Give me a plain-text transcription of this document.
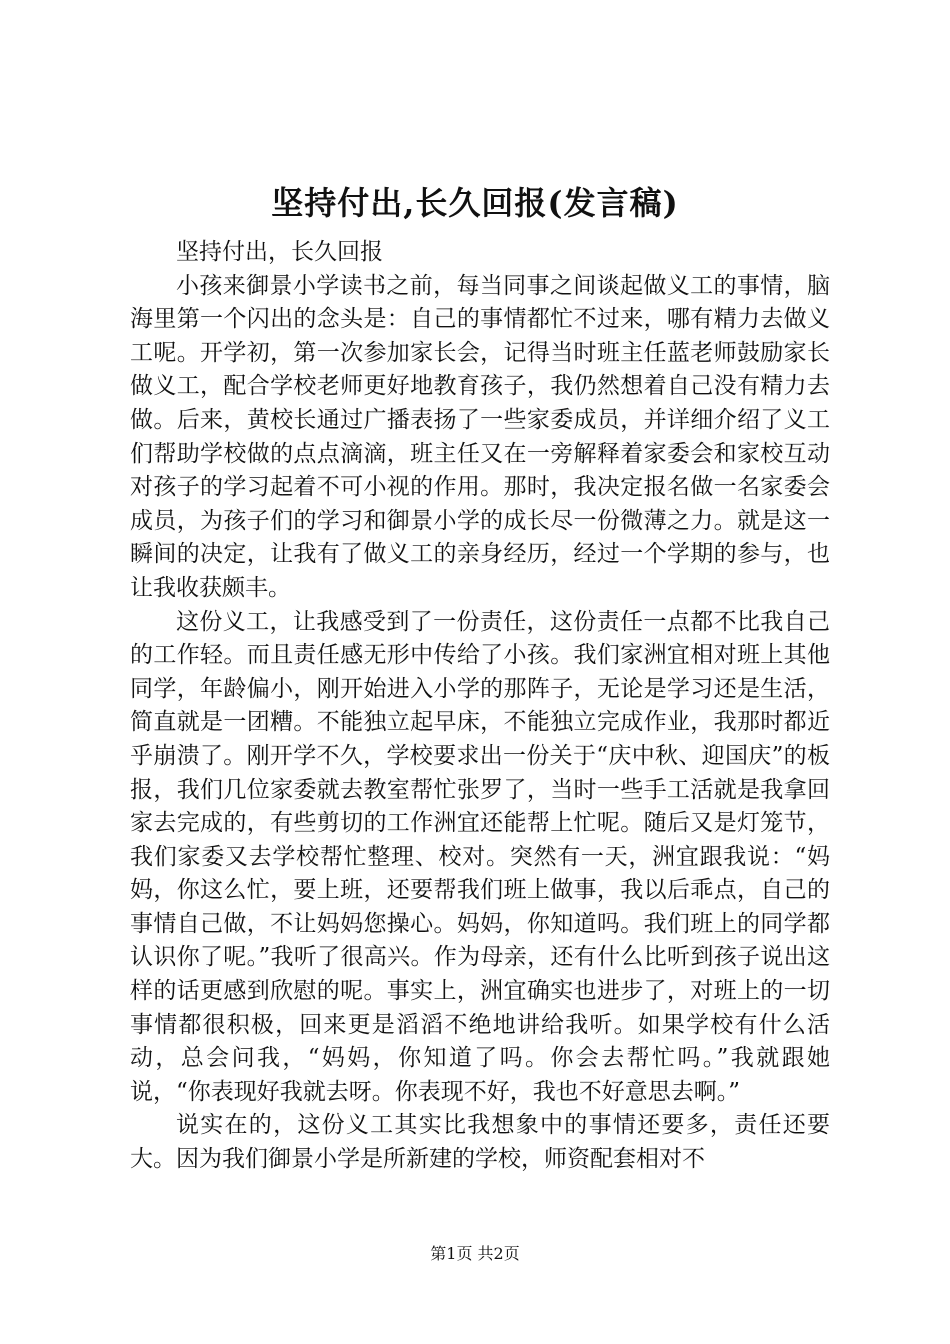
坚持付出,长久回报(发言稿)

坚持付出，长久回报

小孩来御景小学读书之前，每当同事之间谈起做义工的事情，脑海里第一个闪出的念头是：自己的事情都忙不过来，哪有精力去做义工呢。开学初，第一次参加家长会，记得当时班主任蓝老师鼓励家长做义工，配合学校老师更好地教育孩子，我仍然想着自己没有精力去做。后来，黄校长通过广播表扬了一些家委成员，并详细介绍了义工们帮助学校做的点点滴滴，班主任又在一旁解释着家委会和家校互动对孩子的学习起着不可小视的作用。那时，我决定报名做一名家委会成员，为孩子们的学习和御景小学的成长尽一份微薄之力。就是这一瞬间的决定，让我有了做义工的亲身经历，经过一个学期的参与，也让我收获颇丰。

这份义工，让我感受到了一份责任，这份责任一点都不比我自己的工作轻。而且责任感无形中传给了小孩。我们家洲宜相对班上其他同学，年龄偏小，刚开始进入小学的那阵子，无论是学习还是生活，简直就是一团糟。不能独立起早床，不能独立完成作业，我那时都近乎崩溃了。刚开学不久，学校要求出一份关于“庆中秋、迎国庆”的板报，我们几位家委就去教室帮忙张罗了，当时一些手工活就是我拿回家去完成的，有些剪切的工作洲宜还能帮上忙呢。随后又是灯笼节，我们家委又去学校帮忙整理、校对。突然有一天，洲宜跟我说：“妈妈，你这么忙，要上班，还要帮我们班上做事，我以后乖点，自己的事情自己做，不让妈妈您操心。妈妈，你知道吗。我们班上的同学都认识你了呢。”我听了很高兴。作为母亲，还有什么比听到孩子说出这样的话更感到欣慰的呢。事实上，洲宜确实也进步了，对班上的一切事情都很积极，回来更是滔滔不绝地讲给我听。如果学校有什么活动，总会问我，“妈妈，你知道了吗。你会去帮忙吗。”我就跟她说，“你表现好我就去呀。你表现不好，我也不好意思去啊。”

说实在的，这份义工其实比我想象中的事情还要多，责任还要大。因为我们御景小学是所新建的学校，师资配套相对不

第1页 共2页
